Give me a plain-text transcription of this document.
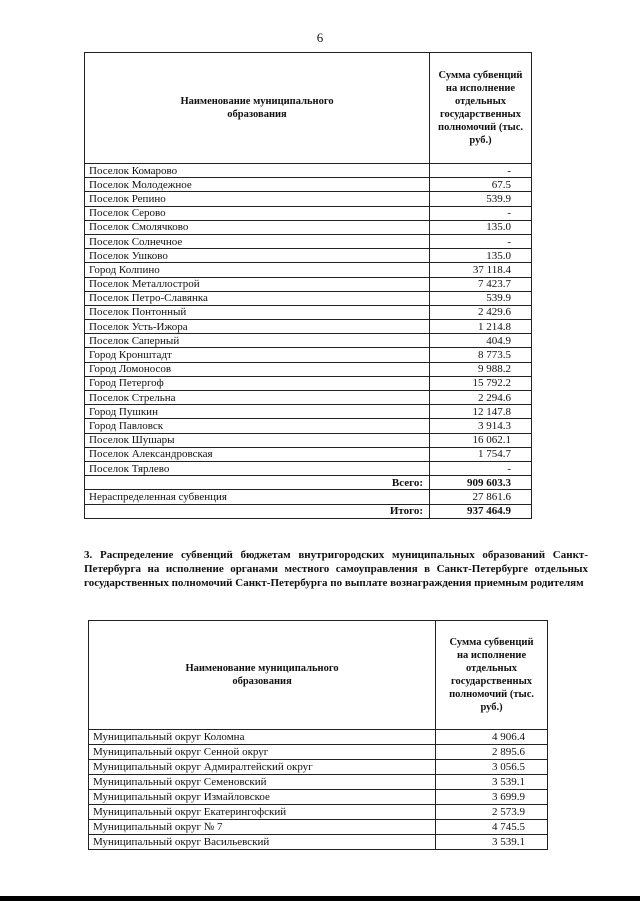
6
Наименование муниципального образования	Сумма субвенций на исполнение отдельных государственных полномочий (тыс. руб.)
Поселок Комарово	-
Поселок Молодежное	67.5
Поселок Репино	539.9
Поселок Серово	-
Поселок Смолячково	135.0
Поселок Солнечное	-
Поселок Ушково	135.0
Город Колпино	37 118.4
Поселок Металлострой	7 423.7
Поселок Петро-Славянка	539.9
Поселок Понтонный	2 429.6
Поселок Усть-Ижора	1 214.8
Поселок Саперный	404.9
Город Кронштадт	8 773.5
Город Ломоносов	9 988.2
Город Петергоф	15 792.2
Поселок Стрельна	2 294.6
Город Пушкин	12 147.8
Город Павловск	3 914.3
Поселок Шушары	16 062.1
Поселок Александровская	1 754.7
Поселок Тярлево	-
Всего:	909 603.3
Нераспределенная субвенция	27 861.6
Итого:	937 464.9
3. Распределение субвенций бюджетам внутригородских муниципальных образований Санкт-Петербурга на исполнение органами местного самоуправления в Санкт-Петербурге отдельных государственных полномочий Санкт-Петербурга по выплате вознаграждения приемным родителям
Наименование муниципального образования	Сумма субвенций на исполнение отдельных государственных полномочий (тыс. руб.)
Муниципальный округ Коломна	4 906.4
Муниципальный округ Сенной округ	2 895.6
Муниципальный округ Адмиралтейский округ	3 056.5
Муниципальный округ Семеновский	3 539.1
Муниципальный округ Измайловское	3 699.9
Муниципальный округ Екатерингофский	2 573.9
Муниципальный округ № 7	4 745.5
Муниципальный округ Васильевский	3 539.1
